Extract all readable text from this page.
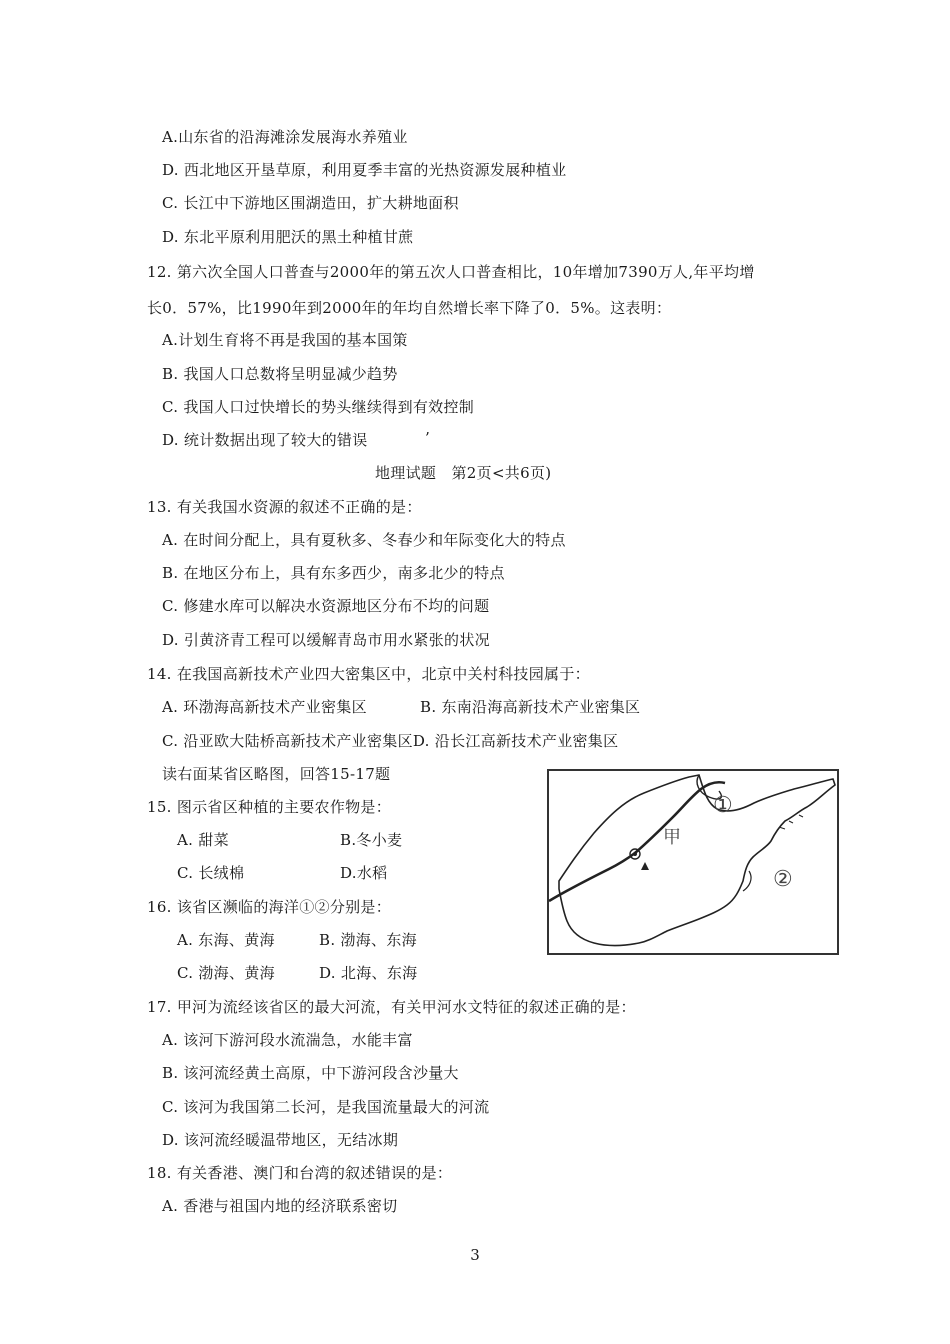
A.山东省的沿海滩涂发展海水养殖业
D. 西北地区开垦草原，利用夏季丰富的光热资源发展种植业
C. 长江中下游地区围湖造田，扩大耕地面积
D. 东北平原利用肥沃的黑土种植甘蔗
12. 第六次全国人口普查与2000年的第五次人口普查相比，10年增加7390万人,年平均增
长0．57%，比1990年到2000年的年均自然增长率下降了0．5%。这表明：
A.计划生育将不再是我国的基本国策
B. 我国人口总数将呈明显减少趋势
C. 我国人口过快增长的势头继续得到有效控制
D. 统计数据出现了较大的错误	’
地理试题　第2页<共6页)
13. 有关我国水资源的叙述不正确的是：
A. 在时间分配上，具有夏秋多、冬春少和年际变化大的特点
B. 在地区分布上，具有东多西少，南多北少的特点
C. 修建水库可以解决水资源地区分布不均的问题
D. 引黄济青工程可以缓解青岛市用水紧张的状况
14. 在我国高新技术产业四大密集区中，北京中关村科技园属于：
A. 环渤海高新技术产业密集区	B. 东南沿海高新技术产业密集区
C. 沿亚欧大陆桥高新技术产业密集区D. 沿长江高新技术产业密集区
读右面某省区略图，回答15-17题
15. 图示省区种植的主要农作物是：
A. 甜菜	B.冬小麦
C. 长绒棉	D.水稻
16. 该省区濒临的海洋①②分别是：
A. 东海、黄海	B. 渤海、东海
C. 渤海、黄海	D. 北海、东海
17. 甲河为流经该省区的最大河流，有关甲河水文特征的叙述正确的是：
A. 该河下游河段水流湍急，水能丰富
B. 该河流经黄土高原，中下游河段含沙量大
C. 该河为我国第二长河，是我国流量最大的河流
D. 该河流经暖温带地区，无结冰期
18. 有关香港、澳门和台湾的叙述错误的是：
A. 香港与祖国内地的经济联系密切
甲
①
②
3
